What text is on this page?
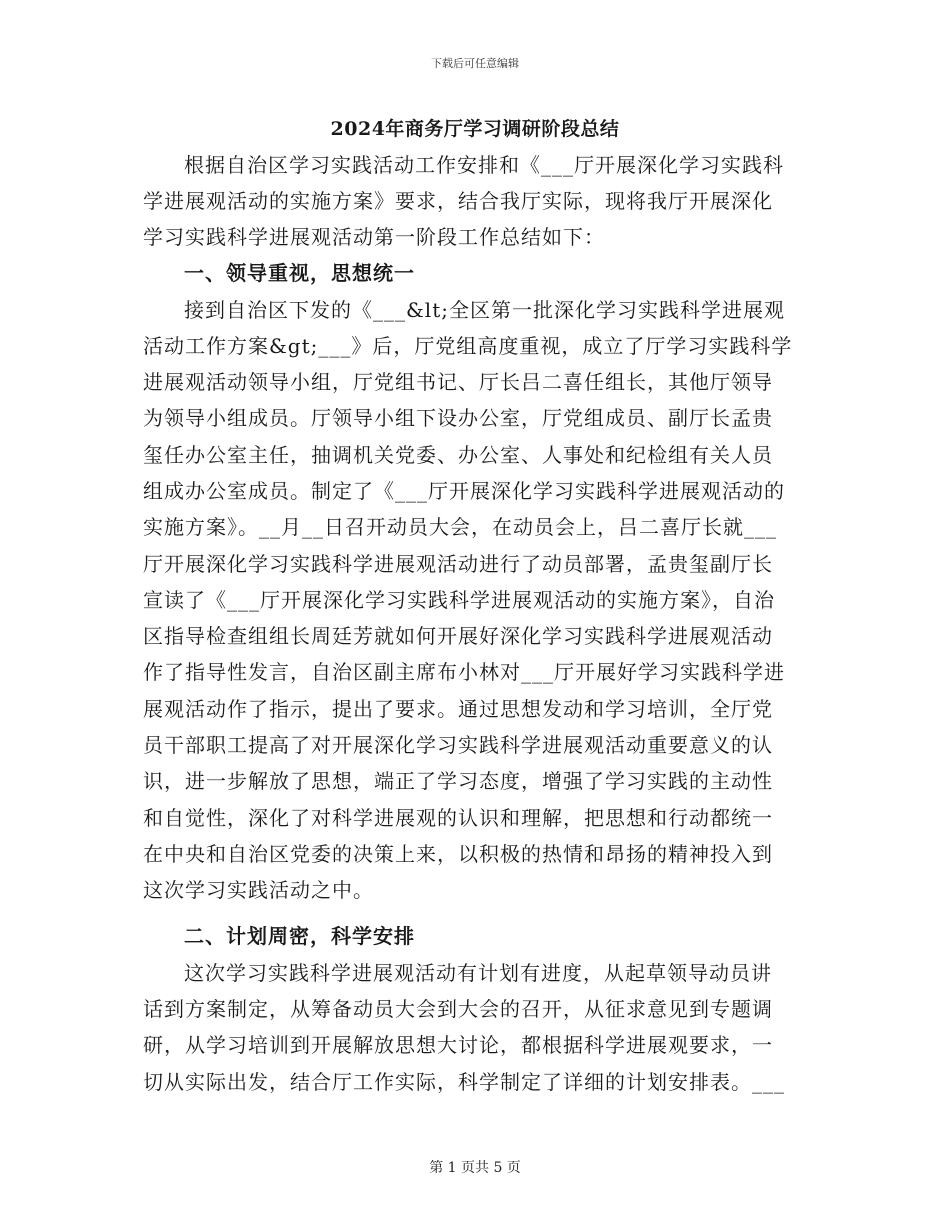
下载后可任意编辑
2024年商务厅学习调研阶段总结
根据自治区学习实践活动工作安排和《___厅开展深化学习实践科
学进展观活动的实施方案》要求，结合我厅实际，现将我厅开展深化
学习实践科学进展观活动第一阶段工作总结如下：
一、领导重视，思想统一
接到自治区下发的《___&lt;全区第一批深化学习实践科学进展观
活动工作方案&gt;___》后，厅党组高度重视，成立了厅学习实践科学
进展观活动领导小组，厅党组书记、厅长吕二喜任组长，其他厅领导
为领导小组成员。厅领导小组下设办公室，厅党组成员、副厅长孟贵
玺任办公室主任，抽调机关党委、办公室、人事处和纪检组有关人员
组成办公室成员。制定了《___厅开展深化学习实践科学进展观活动的
实施方案》。__月__日召开动员大会，在动员会上，吕二喜厅长就___
厅开展深化学习实践科学进展观活动进行了动员部署，孟贵玺副厅长
宣读了《___厅开展深化学习实践科学进展观活动的实施方案》，自治
区指导检查组组长周廷芳就如何开展好深化学习实践科学进展观活动
作了指导性发言，自治区副主席布小林对___厅开展好学习实践科学进
展观活动作了指示，提出了要求。通过思想发动和学习培训，全厅党
员干部职工提高了对开展深化学习实践科学进展观活动重要意义的认
识，进一步解放了思想，端正了学习态度，增强了学习实践的主动性
和自觉性，深化了对科学进展观的认识和理解，把思想和行动都统一
在中央和自治区党委的决策上来，以积极的热情和昂扬的精神投入到
这次学习实践活动之中。
二、计划周密，科学安排
这次学习实践科学进展观活动有计划有进度，从起草领导动员讲
话到方案制定，从筹备动员大会到大会的召开，从征求意见到专题调
研，从学习培训到开展解放思想大讨论，都根据科学进展观要求，一
切从实际出发，结合厅工作实际，科学制定了详细的计划安排表。___
第 1 页共 5 页
